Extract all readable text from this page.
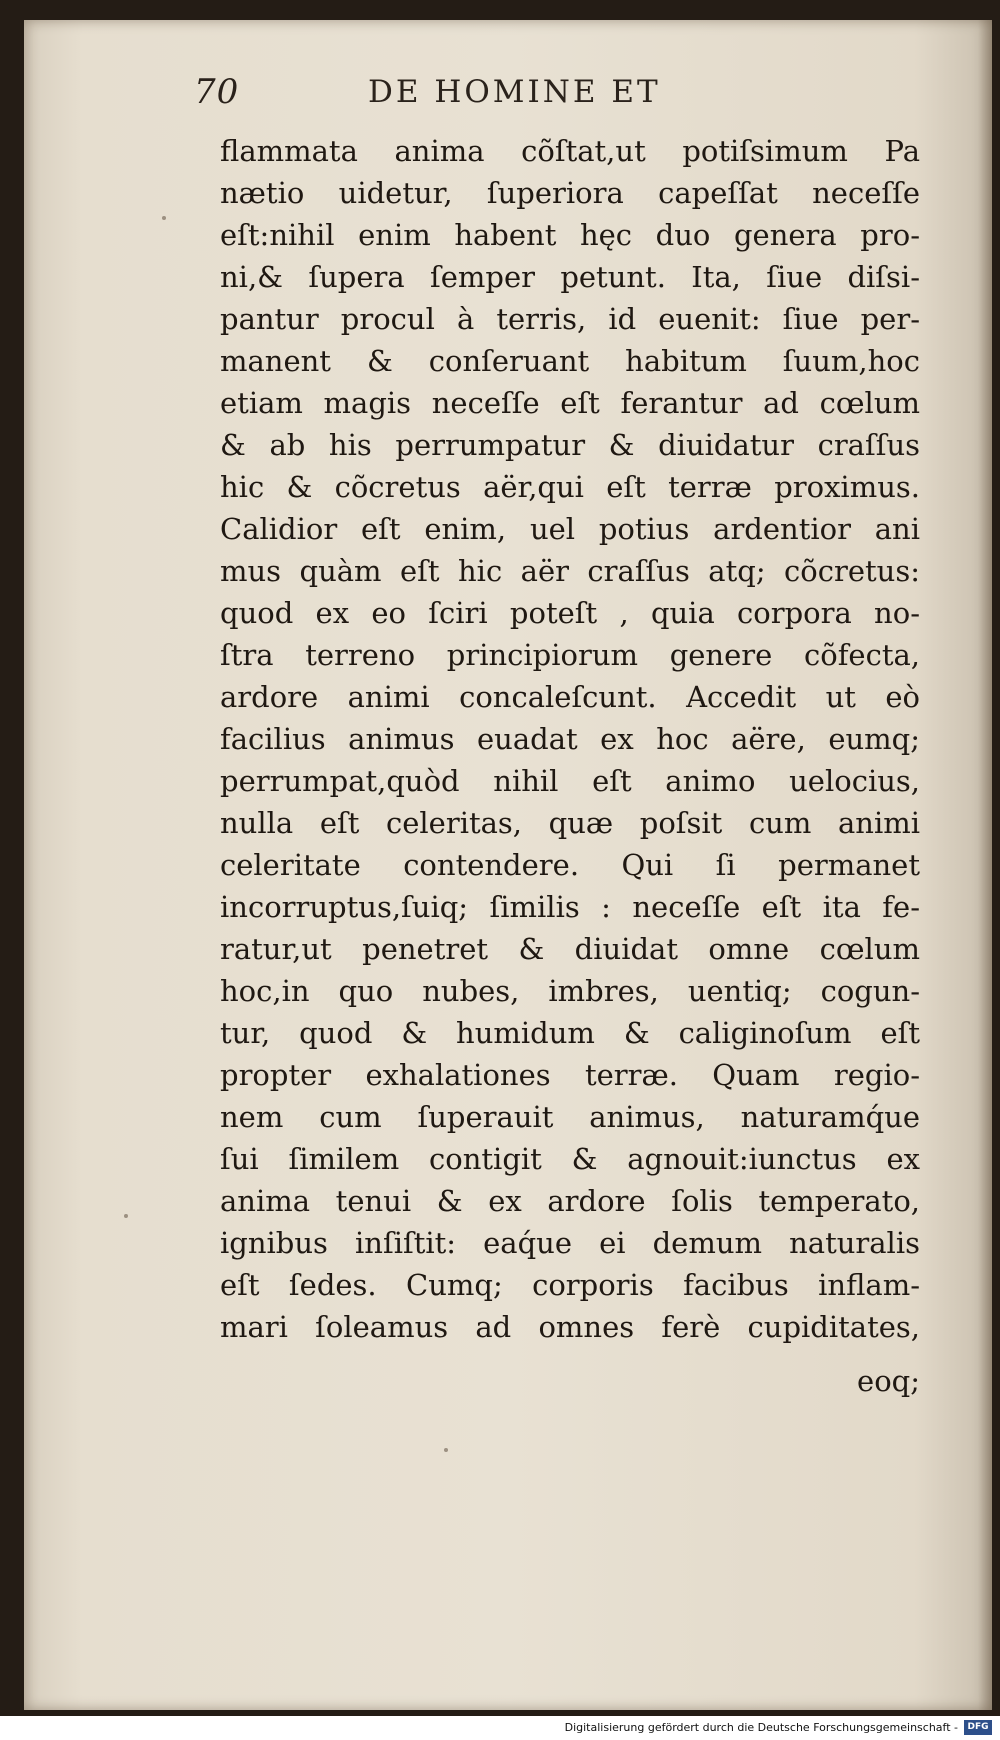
70	DE HOMINE ET
flammata anima cõſtat,ut potiſsimum Pa
nætio uidetur, ſuperiora capeſſat neceſſe
eſt:nihil enim habent hęc duo genera pro-
ni,& ſupera ſemper petunt. Ita, ſiue diſsi-
pantur procul à terris, id euenit: ſiue per-
manent & conſeruant habitum ſuum,hoc
etiam magis neceſſe eſt ferantur ad cœlum
& ab his perrumpatur & diuidatur craſſus
hic & cõcretus aër,qui eſt terræ proximus.
Calidior eſt enim, uel potius ardentior ani
mus quàm eſt hic aër craſſus atq; cõcretus:
quod ex eo ſciri poteſt , quia corpora no-
ſtra terreno principiorum genere cõfecta,
ardore animi concaleſcunt. Accedit ut eò
facilius animus euadat ex hoc aëre, eumq;
perrumpat,quòd nihil eſt animo uelocius,
nulla eſt celeritas, quæ poſsit cum animi
celeritate contendere. Qui ſi permanet
incorruptus,ſuiq; ſimilis : neceſſe eſt ita fe-
ratur,ut penetret & diuidat omne cœlum
hoc,in quo nubes, imbres, uentiq; cogun-
tur, quod & humidum & caliginoſum eſt
propter exhalationes terræ. Quam regio-
nem cum ſuperauit animus, naturamq́ue
ſui ſimilem contigit & agnouit:iunctus ex
anima tenui & ex ardore ſolis temperato,
ignibus inſiſtit: eaq́ue ei demum naturalis
eſt ſedes. Cumq; corporis facibus inflam-
mari ſoleamus ad omnes ferè cupiditates,
eoq;
Digitalisierung gefördert durch die Deutsche Forschungsgemeinschaft -	DFG
